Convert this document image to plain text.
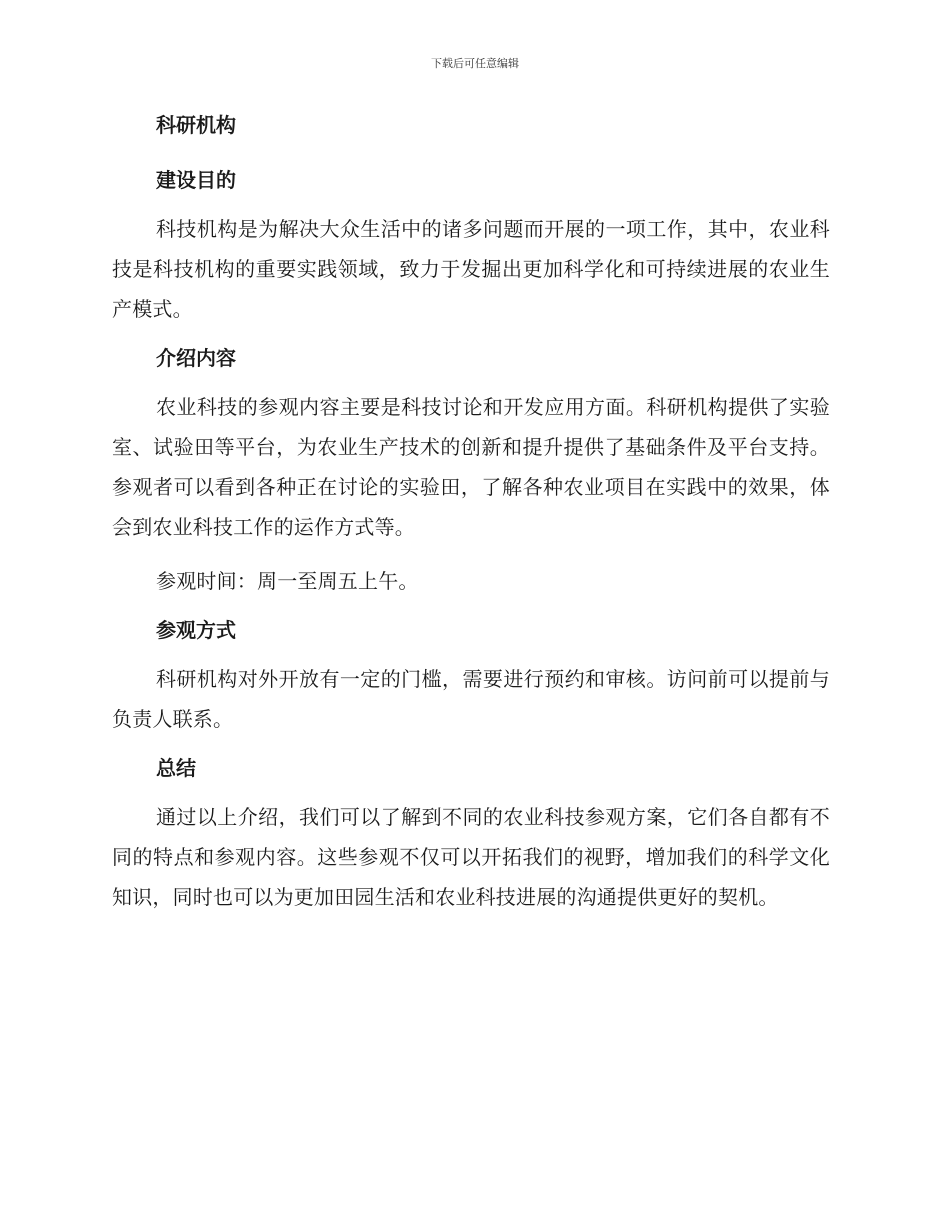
下载后可任意编辑
科研机构
建设目的

科技机构是为解决大众生活中的诸多问题而开展的一项工作，其中，农业科技是科技机构的重要实践领域，致力于发掘出更加科学化和可持续进展的农业生产模式。

介绍内容

农业科技的参观内容主要是科技讨论和开发应用方面。科研机构提供了实验室、试验田等平台，为农业生产技术的创新和提升提供了基础条件及平台支持。参观者可以看到各种正在讨论的实验田，了解各种农业项目在实践中的效果，体会到农业科技工作的运作方式等。

参观时间：周一至周五上午。

参观方式

科研机构对外开放有一定的门槛，需要进行预约和审核。访问前可以提前与负责人联系。

总结

通过以上介绍，我们可以了解到不同的农业科技参观方案，它们各自都有不同的特点和参观内容。这些参观不仅可以开拓我们的视野，增加我们的科学文化知识，同时也可以为更加田园生活和农业科技进展的沟通提供更好的契机。
